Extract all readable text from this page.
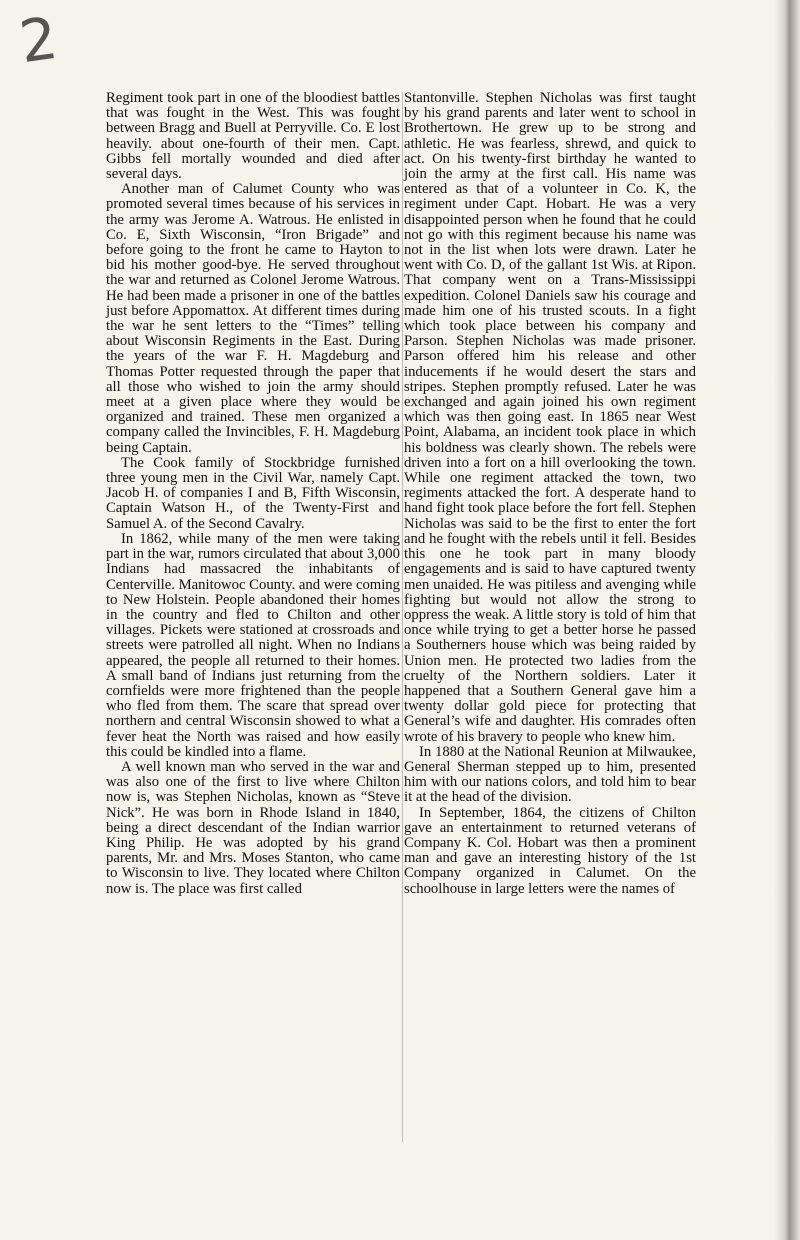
2

Regiment took part in one of the bloodiest battles that was fought in the West. This was fought between Bragg and Buell at Perryville. Co. E lost heavily. about one-fourth of their men. Capt. Gibbs fell mortally wounded and died after several days.

Another man of Calumet County who was promoted several times because of his services in the army was Jerome A. Watrous. He enlisted in Co. E, Sixth Wisconsin, “Iron Brigade” and before going to the front he came to Hayton to bid his mother good-bye. He served throughout the war and returned as Colonel Jerome Watrous. He had been made a prisoner in one of the battles just before Appomattox. At different times during the war he sent letters to the “Times” telling about Wisconsin Regiments in the East. During the years of the war F. H. Magdeburg and Thomas Potter requested through the paper that all those who wished to join the army should meet at a given place where they would be organized and trained. These men organized a company called the Invincibles, F. H. Magdeburg being Captain.

The Cook family of Stockbridge furnished three young men in the Civil War, namely Capt. Jacob H. of companies I and B, Fifth Wisconsin, Captain Watson H., of the Twenty-First and Samuel A. of the Second Cavalry.

In 1862, while many of the men were taking part in the war, rumors circulated that about 3,000 Indians had massacred the inhabitants of Centerville. Manitowoc County. and were coming to New Holstein. People abandoned their homes in the country and fled to Chilton and other villages. Pickets were stationed at crossroads and streets were patrolled all night. When no Indians appeared, the people all returned to their homes. A small band of Indians just returning from the cornfields were more frightened than the people who fled from them. The scare that spread over northern and central Wisconsin showed to what a fever heat the North was raised and how easily this could be kindled into a flame.

A well known man who served in the war and was also one of the first to live where Chilton now is, was Stephen Nicholas, known as “Steve Nick”. He was born in Rhode Island in 1840, being a direct descendant of the Indian warrior King Philip. He was adopted by his grand parents, Mr. and Mrs. Moses Stanton, who came to Wisconsin to live. They located where Chilton now is. The place was first called

Stantonville. Stephen Nicholas was first taught by his grand parents and later went to school in Brothertown. He grew up to be strong and athletic. He was fearless, shrewd, and quick to act. On his twenty-first birthday he wanted to join the army at the first call. His name was entered as that of a volunteer in Co. K, the regiment under Capt. Hobart. He was a very disappointed person when he found that he could not go with this regiment because his name was not in the list when lots were drawn. Later he went with Co. D, of the gallant 1st Wis. at Ripon. That company went on a Trans-Mississippi expedition. Colonel Daniels saw his courage and made him one of his trusted scouts. In a fight which took place between his company and Parson. Stephen Nicholas was made prisoner. Parson offered him his release and other inducements if he would desert the stars and stripes. Stephen promptly refused. Later he was exchanged and again joined his own regiment which was then going east. In 1865 near West Point, Alabama, an incident took place in which his boldness was clearly shown. The rebels were driven into a fort on a hill overlooking the town. While one regiment attacked the town, two regiments attacked the fort. A desperate hand to hand fight took place before the fort fell. Stephen Nicholas was said to be the first to enter the fort and he fought with the rebels until it fell. Besides this one he took part in many bloody engagements and is said to have captured twenty men unaided. He was pitiless and avenging while fighting but would not allow the strong to oppress the weak. A little story is told of him that once while trying to get a better horse he passed a Southerners house which was being raided by Union men. He protected two ladies from the cruelty of the Northern soldiers. Later it happened that a Southern General gave him a twenty dollar gold piece for protecting that General’s wife and daughter. His comrades often wrote of his bravery to people who knew him.

In 1880 at the National Reunion at Milwaukee, General Sherman stepped up to him, presented him with our nations colors, and told him to bear it at the head of the division.

In September, 1864, the citizens of Chilton gave an entertainment to returned veterans of Company K. Col. Hobart was then a prominent man and gave an interesting history of the 1st Company organized in Calumet. On the schoolhouse in large letters were the names of
